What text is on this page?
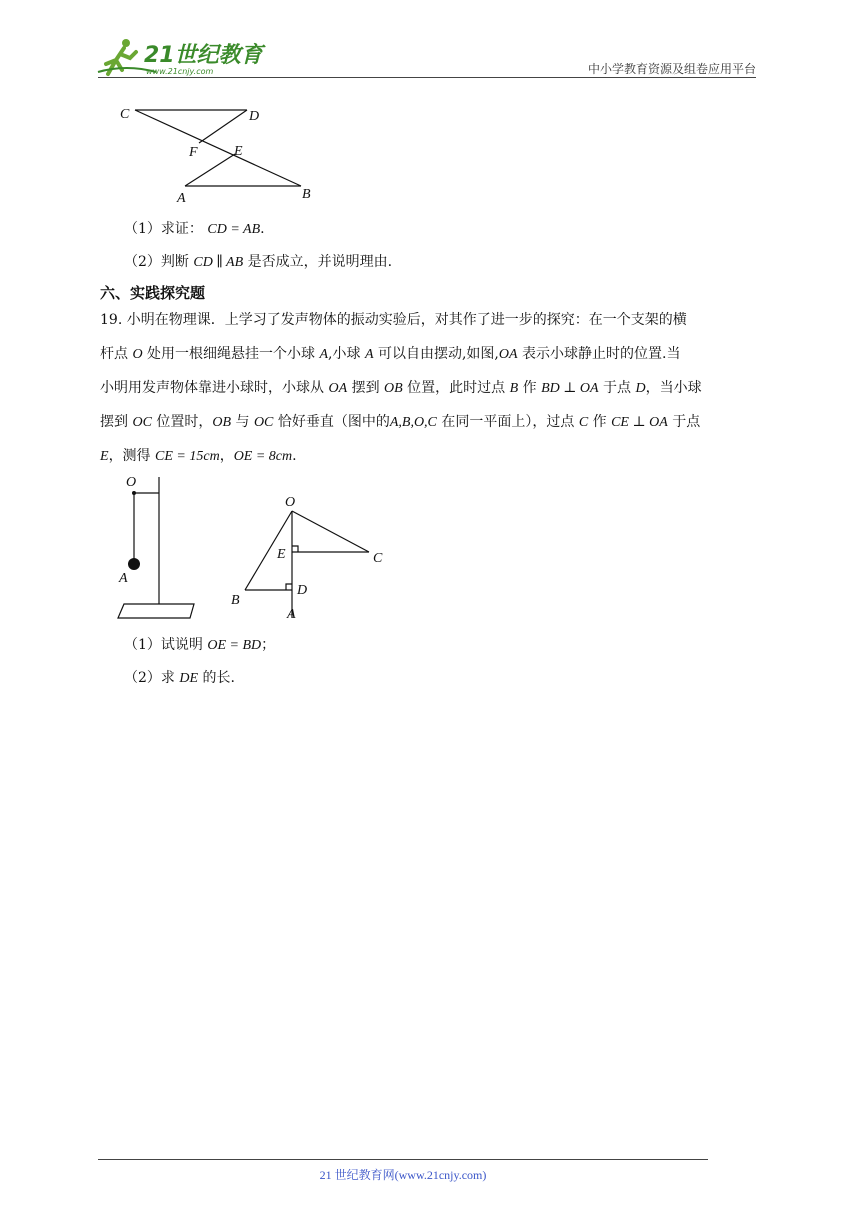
21世纪教育
www.21cnjy.com	中小学教育资源及组卷应用平台
C	D
F	E
A	B
（1）求证： CD = AB.
（2）判断 CD ∥ AB 是否成立，并说明理由.
六、实践探究题
19. 小明在物理课．上学习了发声物体的振动实验后，对其作了进一步的探究：在一个支架的横
杆点 O 处用一根细绳悬挂一个小球 A,小球 A 可以自由摆动,如图,OA 表示小球静止时的位置.当
小明用发声物体靠进小球时，小球从 OA 摆到 OB 位置，此时过点 B 作 BD ⊥ OA 于点 D，当小球
摆到 OC 位置时，OB 与 OC 恰好垂直（图中的A,B,O,C 在同一平面上），过点 C 作 CE ⊥ OA 于点
E，测得 CE = 15cm，OE = 8cm.
O
A
O
E	C
D
B
A
（1）试说明 OE = BD；
（2）求 DE 的长.
21 世纪教育网(www.21cnjy.com)
